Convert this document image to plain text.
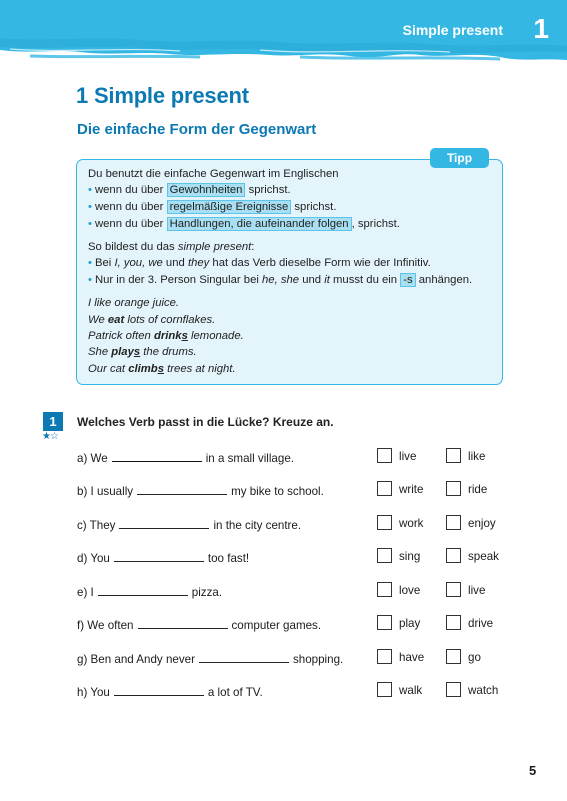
Simple present 1
1 Simple present
Die einfache Form der Gegenwart
Tipp
Du benutzt die einfache Gegenwart im Englischen
• wenn du über Gewohnheiten sprichst.
• wenn du über regelmäßige Ereignisse sprichst.
• wenn du über Handlungen, die aufeinander folgen , sprichst.
So bildest du das simple present:
• Bei I, you, we und they hat das Verb dieselbe Form wie der Infinitiv.
• Nur in der 3. Person Singular bei he, she und it musst du ein -s anhängen.
I like orange juice.
We eat lots of cornflakes.
Patrick often drinks lemonade.
She plays the drums.
Our cat climbs trees at night.
1
★☆
Welches Verb passt in die Lücke? Kreuze an.
a) We	in a small village.	live	like
b) I usually	my bike to school.	write	ride
c) They	in the city centre.	work	enjoy
d) You	too fast!	sing	speak
e) I	pizza.	love	live
f) We often	computer games.	play	drive
g) Ben and Andy never	shopping.	have	go
h) You	a lot of TV.	walk	watch
5
